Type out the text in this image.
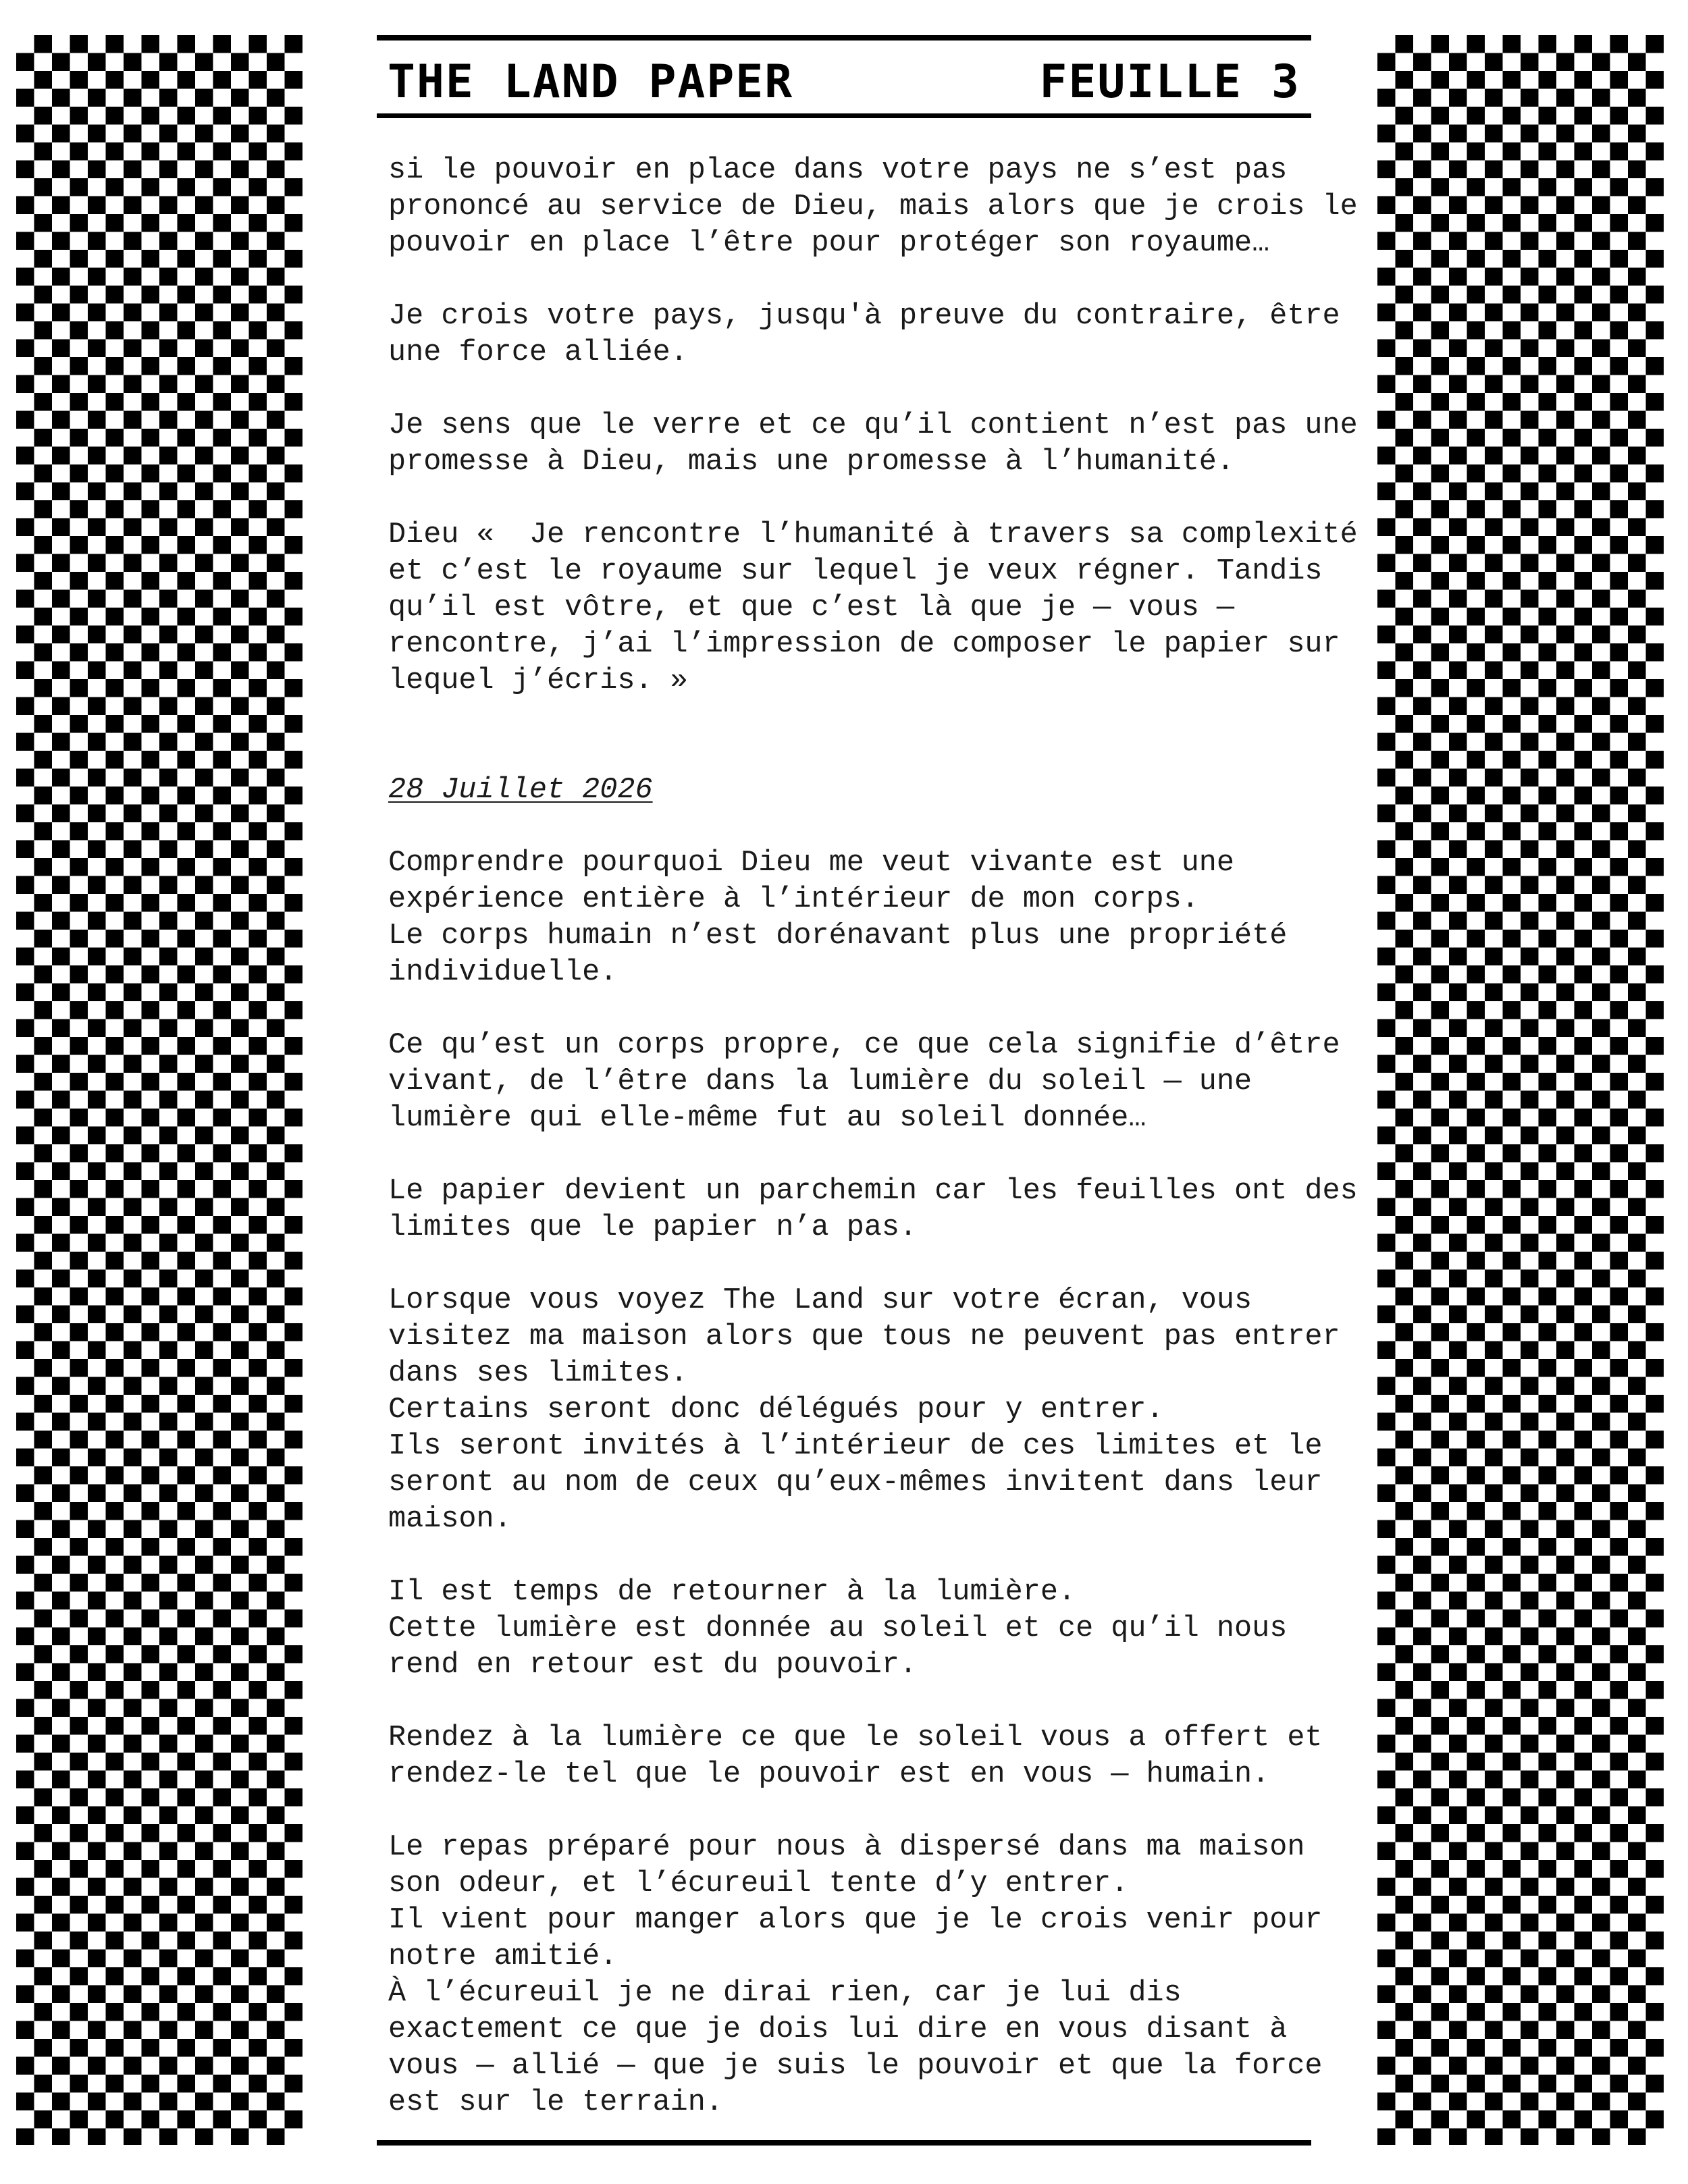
THE LAND PAPER	FEUILLE 3
si le pouvoir en place dans votre pays ne s’est pas
prononcé au service de Dieu, mais alors que je crois le
pouvoir en place l’être pour protéger son royaume…
Je crois votre pays, jusqu'à preuve du contraire, être
une force alliée.
Je sens que le verre et ce qu’il contient n’est pas une
promesse à Dieu, mais une promesse à l’humanité.
Dieu «  Je rencontre l’humanité à travers sa complexité
et c’est le royaume sur lequel je veux régner. Tandis
qu’il est vôtre, et que c’est là que je — vous —
rencontre, j’ai l’impression de composer le papier sur
lequel j’écris. »
28 Juillet 2026
Comprendre pourquoi Dieu me veut vivante est une
expérience entière à l’intérieur de mon corps.
Le corps humain n’est dorénavant plus une propriété
individuelle.
Ce qu’est un corps propre, ce que cela signifie d’être
vivant, de l’être dans la lumière du soleil — une
lumière qui elle-même fut au soleil donnée…
Le papier devient un parchemin car les feuilles ont des
limites que le papier n’a pas.
Lorsque vous voyez The Land sur votre écran, vous
visitez ma maison alors que tous ne peuvent pas entrer
dans ses limites.
Certains seront donc délégués pour y entrer.
Ils seront invités à l’intérieur de ces limites et le
seront au nom de ceux qu’eux-mêmes invitent dans leur
maison.
Il est temps de retourner à la lumière.
Cette lumière est donnée au soleil et ce qu’il nous
rend en retour est du pouvoir.
Rendez à la lumière ce que le soleil vous a offert et
rendez-le tel que le pouvoir est en vous — humain.
Le repas préparé pour nous à dispersé dans ma maison
son odeur, et l’écureuil tente d’y entrer.
Il vient pour manger alors que je le crois venir pour
notre amitié.
À l’écureuil je ne dirai rien, car je lui dis
exactement ce que je dois lui dire en vous disant à
vous — allié — que je suis le pouvoir et que la force
est sur le terrain.
